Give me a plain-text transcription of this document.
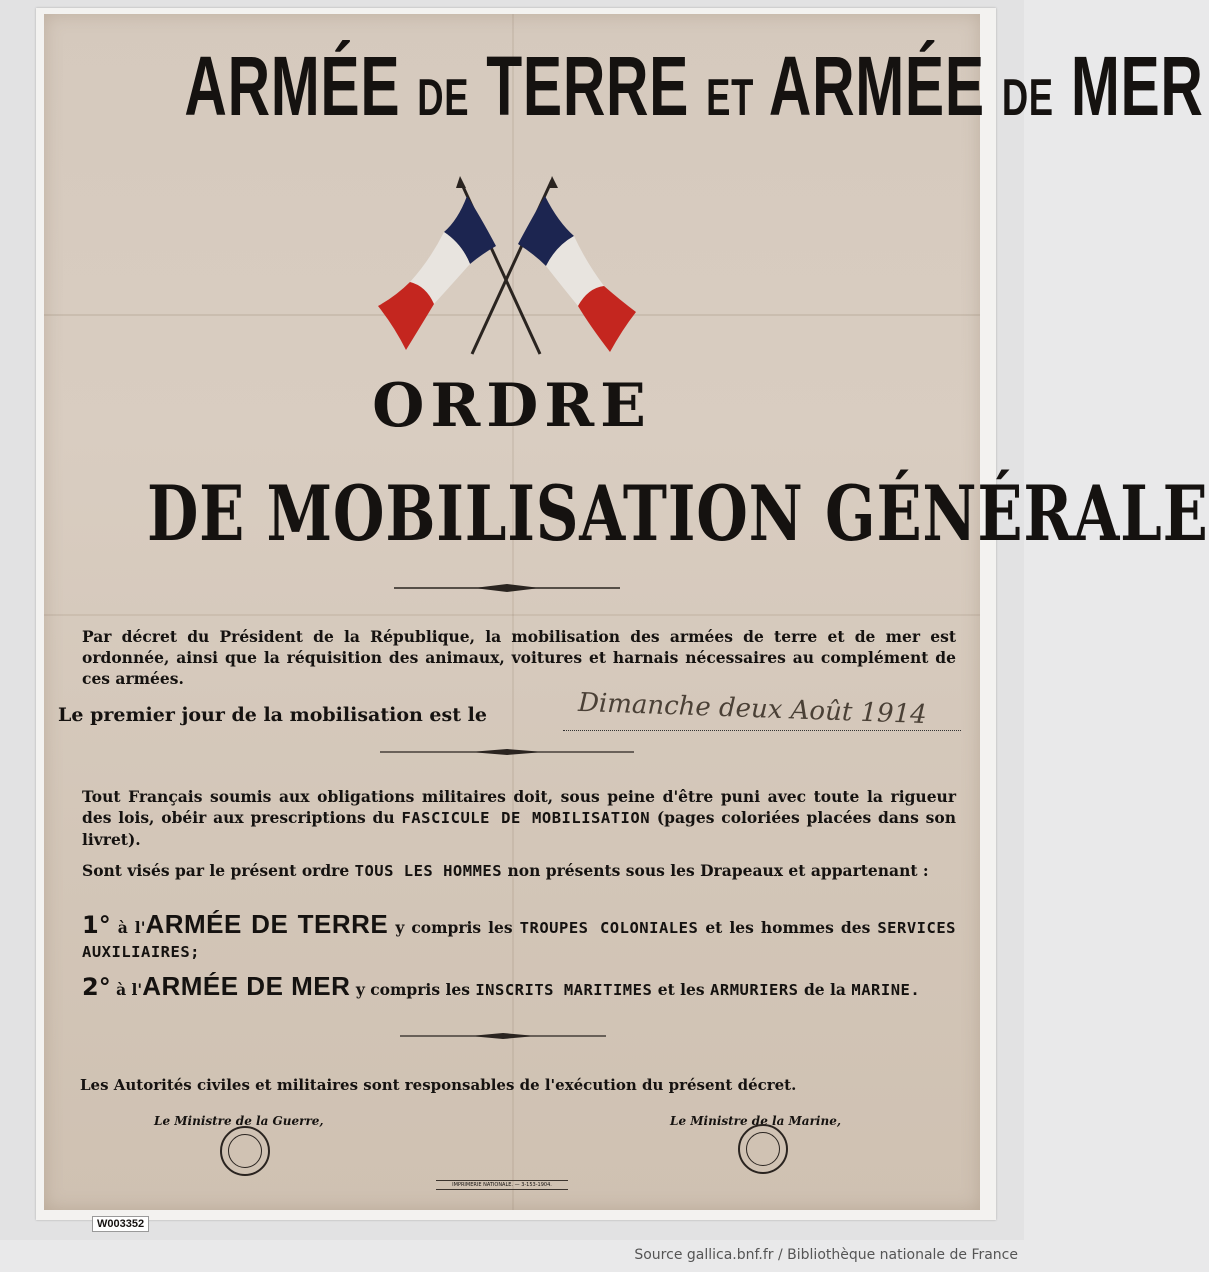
ARMÉE DE TERRE ET ARMÉE DE MER
ORDRE
DE MOBILISATION GÉNÉRALE
Par décret du Président de la République, la mobilisation des armées de terre et de mer est ordonnée, ainsi que la réquisition des animaux, voitures et harnais nécessaires au complément de ces armées.
Le premier jour de la mobilisation est le	Dimanche deux Août 1914
Tout Français soumis aux obligations militaires doit, sous peine d'être puni avec toute la rigueur des lois, obéir aux prescriptions du FASCICULE DE MOBILISATION (pages coloriées placées dans son livret).
Sont visés par le présent ordre TOUS LES HOMMES non présents sous les Drapeaux et appartenant :
1° à l'ARMÉE DE TERRE y compris les TROUPES COLONIALES et les hommes des SERVICES AUXILIAIRES;
2° à l'ARMÉE DE MER y compris les INSCRITS MARITIMES et les ARMURIERS de la MARINE.
Les Autorités civiles et militaires sont responsables de l'exécution du présent décret.
Le Ministre de la Guerre,	Le Ministre de la Marine,
IMPRIMERIE NATIONALE. — 3-153-1904.
W003352
Source gallica.bnf.fr / Bibliothèque nationale de France
